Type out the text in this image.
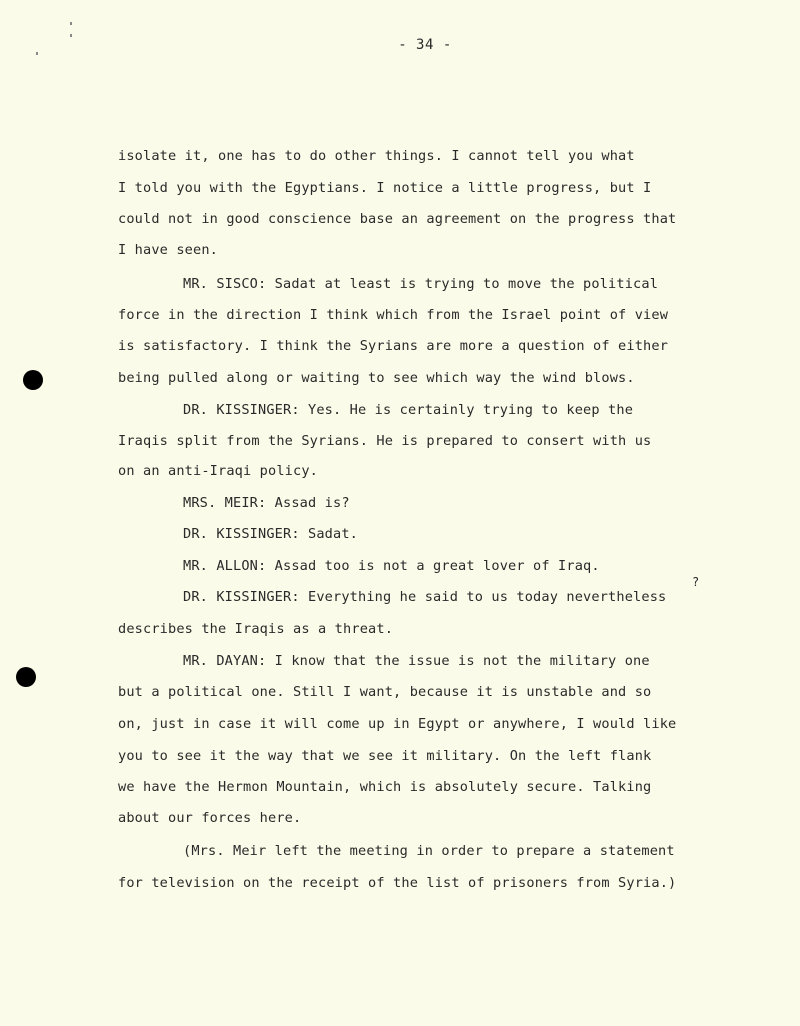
- 34 -
isolate it, one has to do other things. I cannot tell you what
I told you with the Egyptians. I notice a little progress, but I
could not in good conscience base an agreement on the progress that
I have seen.
MR. SISCO: Sadat at least is trying to move the political
force in the direction I think which from the Israel point of view
is satisfactory. I think the Syrians are more a question of either
being pulled along or waiting to see which way the wind blows.
DR. KISSINGER: Yes. He is certainly trying to keep the
Iraqis split from the Syrians. He is prepared to consert with us
on an anti-Iraqi policy.
MRS. MEIR: Assad is?
DR. KISSINGER: Sadat.
MR. ALLON: Assad too is not a great lover of Iraq.
?
DR. KISSINGER: Everything he said to us today nevertheless
describes the Iraqis as a threat.
MR. DAYAN: I know that the issue is not the military one
but a political one. Still I want, because it is unstable and so
on, just in case it will come up in Egypt or anywhere, I would like
you to see it the way that we see it military. On the left flank
we have the Hermon Mountain, which is absolutely secure. Talking
about our forces here.
(Mrs. Meir left the meeting in order to prepare a statement
for television on the receipt of the list of prisoners from Syria.)
